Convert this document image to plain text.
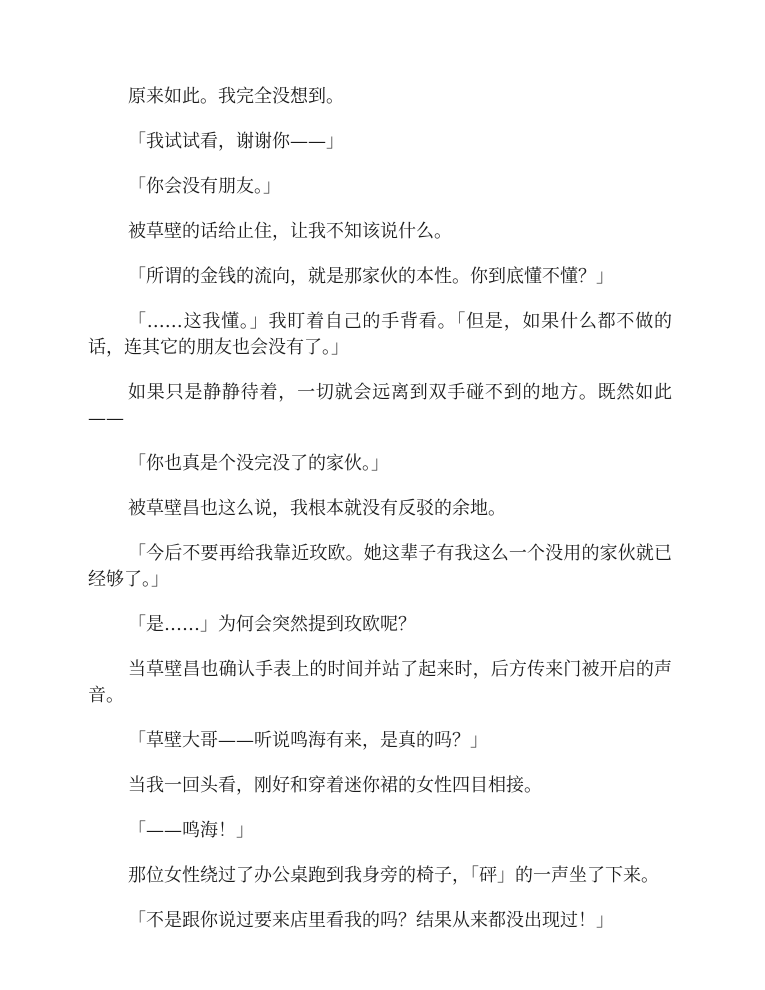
原来如此。我完全没想到。

「我试试看，谢谢你——」

「你会没有朋友。」

被草壁的话给止住，让我不知该说什么。

「所谓的金钱的流向，就是那家伙的本性。你到底懂不懂？」

「……这我懂。」我盯着自己的手背看。「但是，如果什么都不做的话，连其它的朋友也会没有了。」

如果只是静静待着，一切就会远离到双手碰不到的地方。既然如此——

「你也真是个没完没了的家伙。」

被草壁昌也这么说，我根本就没有反驳的余地。

「今后不要再给我靠近玫欧。她这辈子有我这么一个没用的家伙就已经够了。」

「是……」为何会突然提到玫欧呢？

当草壁昌也确认手表上的时间并站了起来时，后方传来门被开启的声音。

「草壁大哥——听说鸣海有来，是真的吗？」

当我一回头看，刚好和穿着迷你裙的女性四目相接。

「——鸣海！」

那位女性绕过了办公桌跑到我身旁的椅子，「砰」的一声坐了下来。

「不是跟你说过要来店里看我的吗？结果从来都没出现过！」
